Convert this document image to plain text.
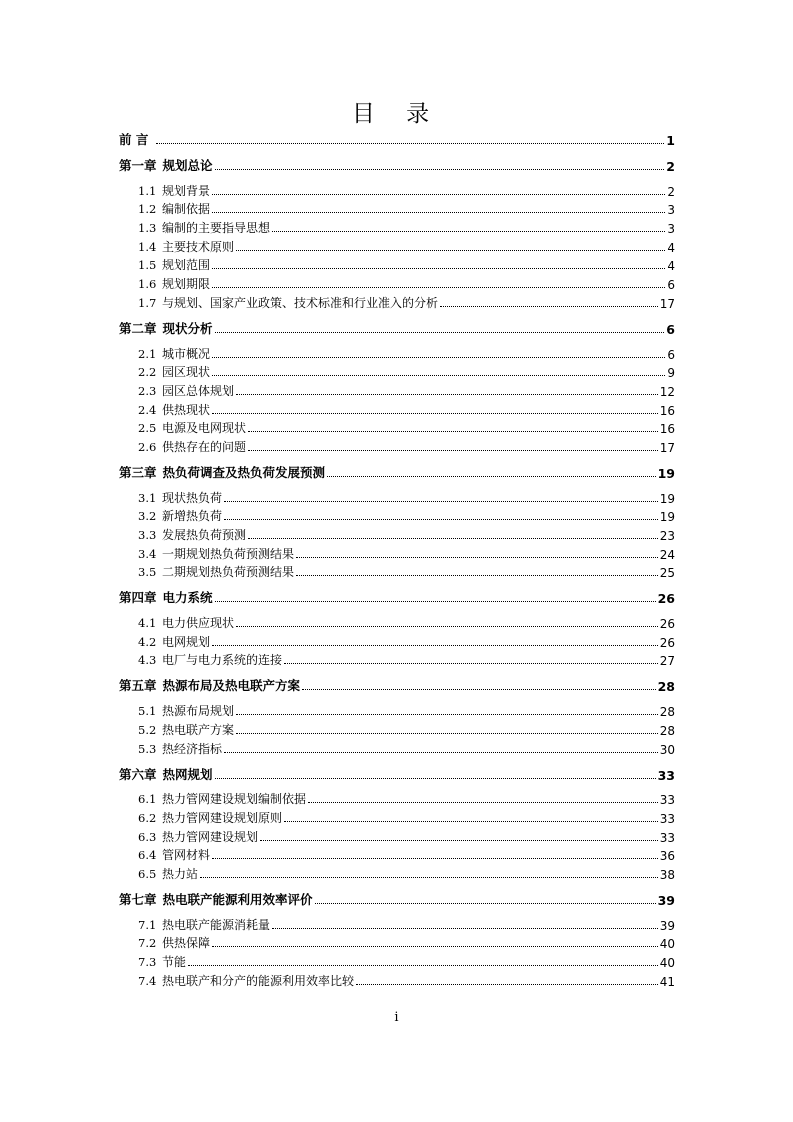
目 录
前 言	1
第一章 规划总论	2
1.1 规划背景	2
1.2 编制依据	3
1.3 编制的主要指导思想	3
1.4 主要技术原则	4
1.5 规划范围	4
1.6 规划期限	6
1.7 与规划、国家产业政策、技术标准和行业准入的分析	17
第二章 现状分析	6
2.1 城市概况	6
2.2 园区现状	9
2.3 园区总体规划	12
2.4 供热现状	16
2.5 电源及电网现状	16
2.6 供热存在的问题	17
第三章 热负荷调查及热负荷发展预测	19
3.1 现状热负荷	19
3.2 新增热负荷	19
3.3 发展热负荷预测	23
3.4 一期规划热负荷预测结果	24
3.5 二期规划热负荷预测结果	25
第四章 电力系统	26
4.1 电力供应现状	26
4.2 电网规划	26
4.3 电厂与电力系统的连接	27
第五章 热源布局及热电联产方案	28
5.1 热源布局规划	28
5.2 热电联产方案	28
5.3 热经济指标	30
第六章 热网规划	33
6.1 热力管网建设规划编制依据	33
6.2 热力管网建设规划原则	33
6.3 热力管网建设规划	33
6.4 管网材料	36
6.5 热力站	38
第七章 热电联产能源利用效率评价	39
7.1 热电联产能源消耗量	39
7.2 供热保障	40
7.3 节能	40
7.4 热电联产和分产的能源利用效率比较	41
i
